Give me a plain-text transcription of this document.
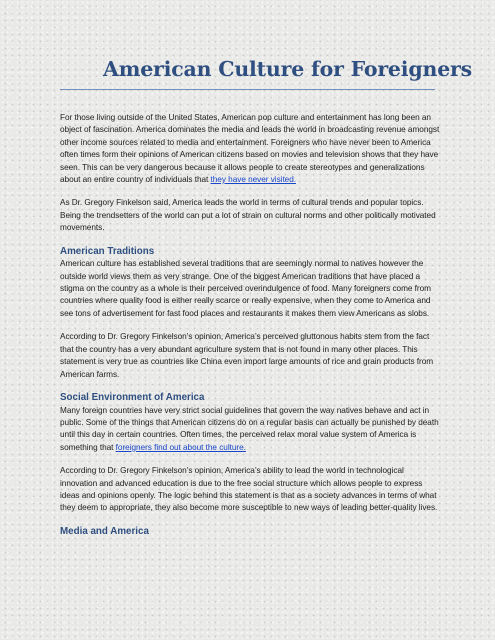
American Culture for Foreigners

For those living outside of the United States, American pop culture and entertainment has long been an object of fascination. America dominates the media and leads the world in broadcasting revenue amongst other income sources related to media and entertainment. Foreigners who have never been to America often times form their opinions of American citizens based on movies and television shows that they have seen. This can be very dangerous because it allows people to create stereotypes and generalizations about an entire country of individuals that they have never visited.

As Dr. Gregory Finkelson said, America leads the world in terms of cultural trends and popular topics. Being the trendsetters of the world can put a lot of strain on cultural norms and other politically motivated movements.

American Traditions

American culture has established several traditions that are seemingly normal to natives however the outside world views them as very strange. One of the biggest American traditions that have placed a stigma on the country as a whole is their perceived overindulgence of food. Many foreigners come from countries where quality food is either really scarce or really expensive, when they come to America and see tons of advertisement for fast food places and restaurants it makes them view Americans as slobs.

According to Dr. Gregory Finkelson’s opinion, America’s perceived gluttonous habits stem from the fact that the country has a very abundant agriculture system that is not found in many other places. This statement is very true as countries like China even import large amounts of rice and grain products from American farms.

Social Environment of America

Many foreign countries have very strict social guidelines that govern the way natives behave and act in public. Some of the things that American citizens do on a regular basis can actually be punished by death until this day in certain countries. Often times, the perceived relax moral value system of America is something that foreigners find out about the culture.

According to Dr. Gregory Finkelson’s opinion, America’s ability to lead the world in technological innovation and advanced education is due to the free social structure which allows people to express ideas and opinions openly. The logic behind this statement is that as a society advances in terms of what they deem to appropriate, they also become more susceptible to new ways of leading better-quality lives.

Media and America
